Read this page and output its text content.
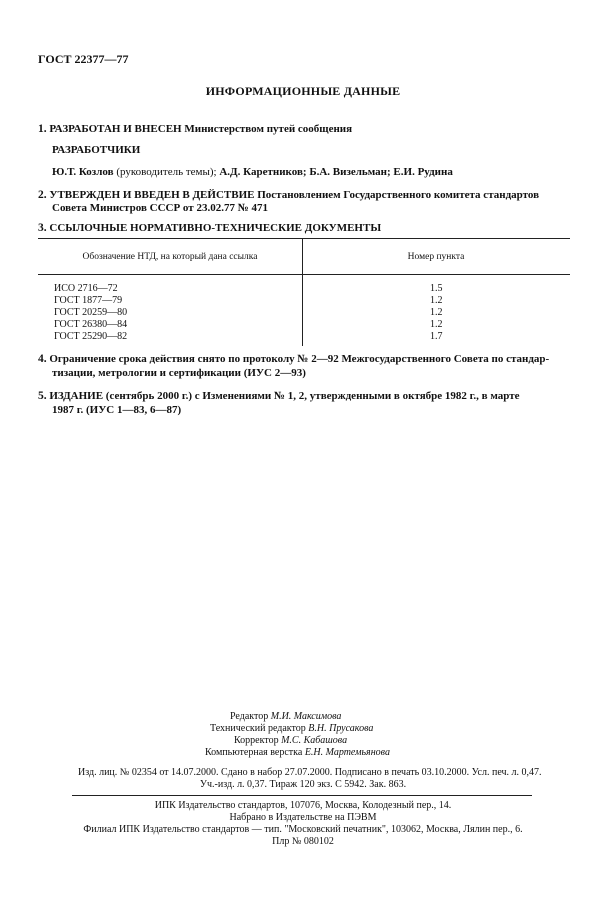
ГОСТ 22377—77
ИНФОРМАЦИОННЫЕ ДАННЫЕ
1. РАЗРАБОТАН И ВНЕСЕН Министерством путей сообщения
РАЗРАБОТЧИКИ
Ю.Т. Козлов (руководитель темы); А.Д. Каретников; Б.А. Визельман; Е.И. Рудина
2. УТВЕРЖДЕН И ВВЕДЕН В ДЕЙСТВИЕ Постановлением Государственного комитета стандартов
Совета Министров СССР от 23.02.77 № 471
3. ССЫЛОЧНЫЕ НОРМАТИВНО-ТЕХНИЧЕСКИЕ ДОКУМЕНТЫ
Обозначение НТД, на который дана ссылка	Номер пункта
ИСО 2716—72
ГОСТ 1877—79
ГОСТ 20259—80
ГОСТ 26380—84
ГОСТ 25290—82
1.5
1.2
1.2
1.2
1.7
4. Ограничение срока действия снято по протоколу № 2—92 Межгосударственного Совета по стандар-
тизации, метрологии и сертификации (ИУС 2—93)
5. ИЗДАНИЕ (сентябрь 2000 г.) с Изменениями № 1, 2, утвержденными в октябре 1982 г., в марте
1987 г. (ИУС 1—83, 6—87)
Редактор М.И. Максимова
Технический редактор В.Н. Прусакова
Корректор М.С. Кабашова
Компьютерная верстка Е.Н. Мартемьянова
Изд. лиц. № 02354 от 14.07.2000. Сдано в набор 27.07.2000. Подписано в печать 03.10.2000. Усл. печ. л. 0,47.
Уч.-изд. л. 0,37. Тираж 120 экз. С 5942. Зак. 863.
ИПК Издательство стандартов, 107076, Москва, Колодезный пер., 14.
Набрано в Издательстве на ПЭВМ
Филиал ИПК Издательство стандартов — тип. "Московский печатник", 103062, Москва, Лялин пер., 6.
Плр № 080102
